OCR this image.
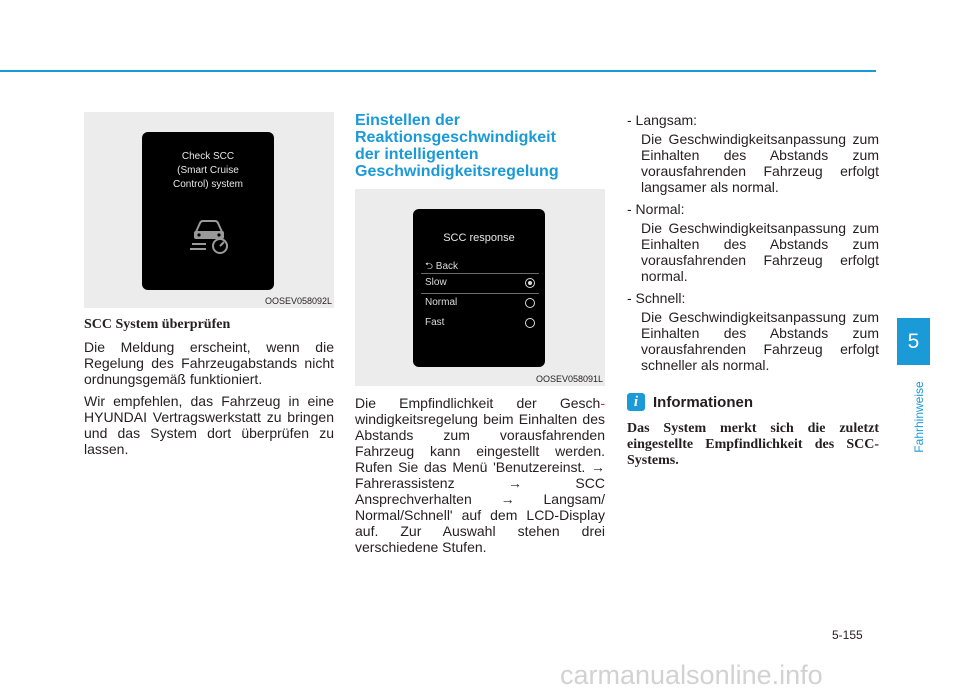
Check SCC
(Smart Cruise
Control) system
OOSEV058092L
SCC System überprüfen

Die Meldung erscheint, wenn die Regelung des Fahrzeugabstands nicht ordnungsgemäß funktioniert.

Wir empfehlen, das Fahrzeug in eine HYUNDAI Vertragswerkstatt zu bringen und das System dort überprüfen zu lassen.

Einstellen der
Reaktionsgeschwindigkeit
der intelligenten
Geschwindigkeitsregelung
SCC response
⮌ Back
Slow
Normal
Fast
OOSEV058091L

Die Empfindlichkeit der Gesch-windigkeitsregelung beim Einhalten des Abstands zum vorausfahrenden Fahrzeug kann eingestellt werden. Rufen Sie das Menü 'Benutzereinst. → Fahrerassistenz → SCC Ansprechverhalten → Langsam/ Normal/Schnell' auf dem LCD-Display auf. Zur Auswahl stehen drei verschiedene Stufen.

- Langsam:
Die Geschwindigkeitsanpassung zum Einhalten des Abstands zum vorausfahrenden Fahrzeug erfolgt langsamer als normal.
- Normal:
Die Geschwindigkeitsanpassung zum Einhalten des Abstands zum vorausfahrenden Fahrzeug erfolgt normal.
- Schnell:
Die Geschwindigkeitsanpassung zum Einhalten des Abstands zum vorausfahrenden Fahrzeug erfolgt schneller als normal.
i Informationen
Das System merkt sich die zuletzt eingestellte Empfindlichkeit des SCC-Systems.
5
Fahrhinweise
5-155
carmanualsonline.info
